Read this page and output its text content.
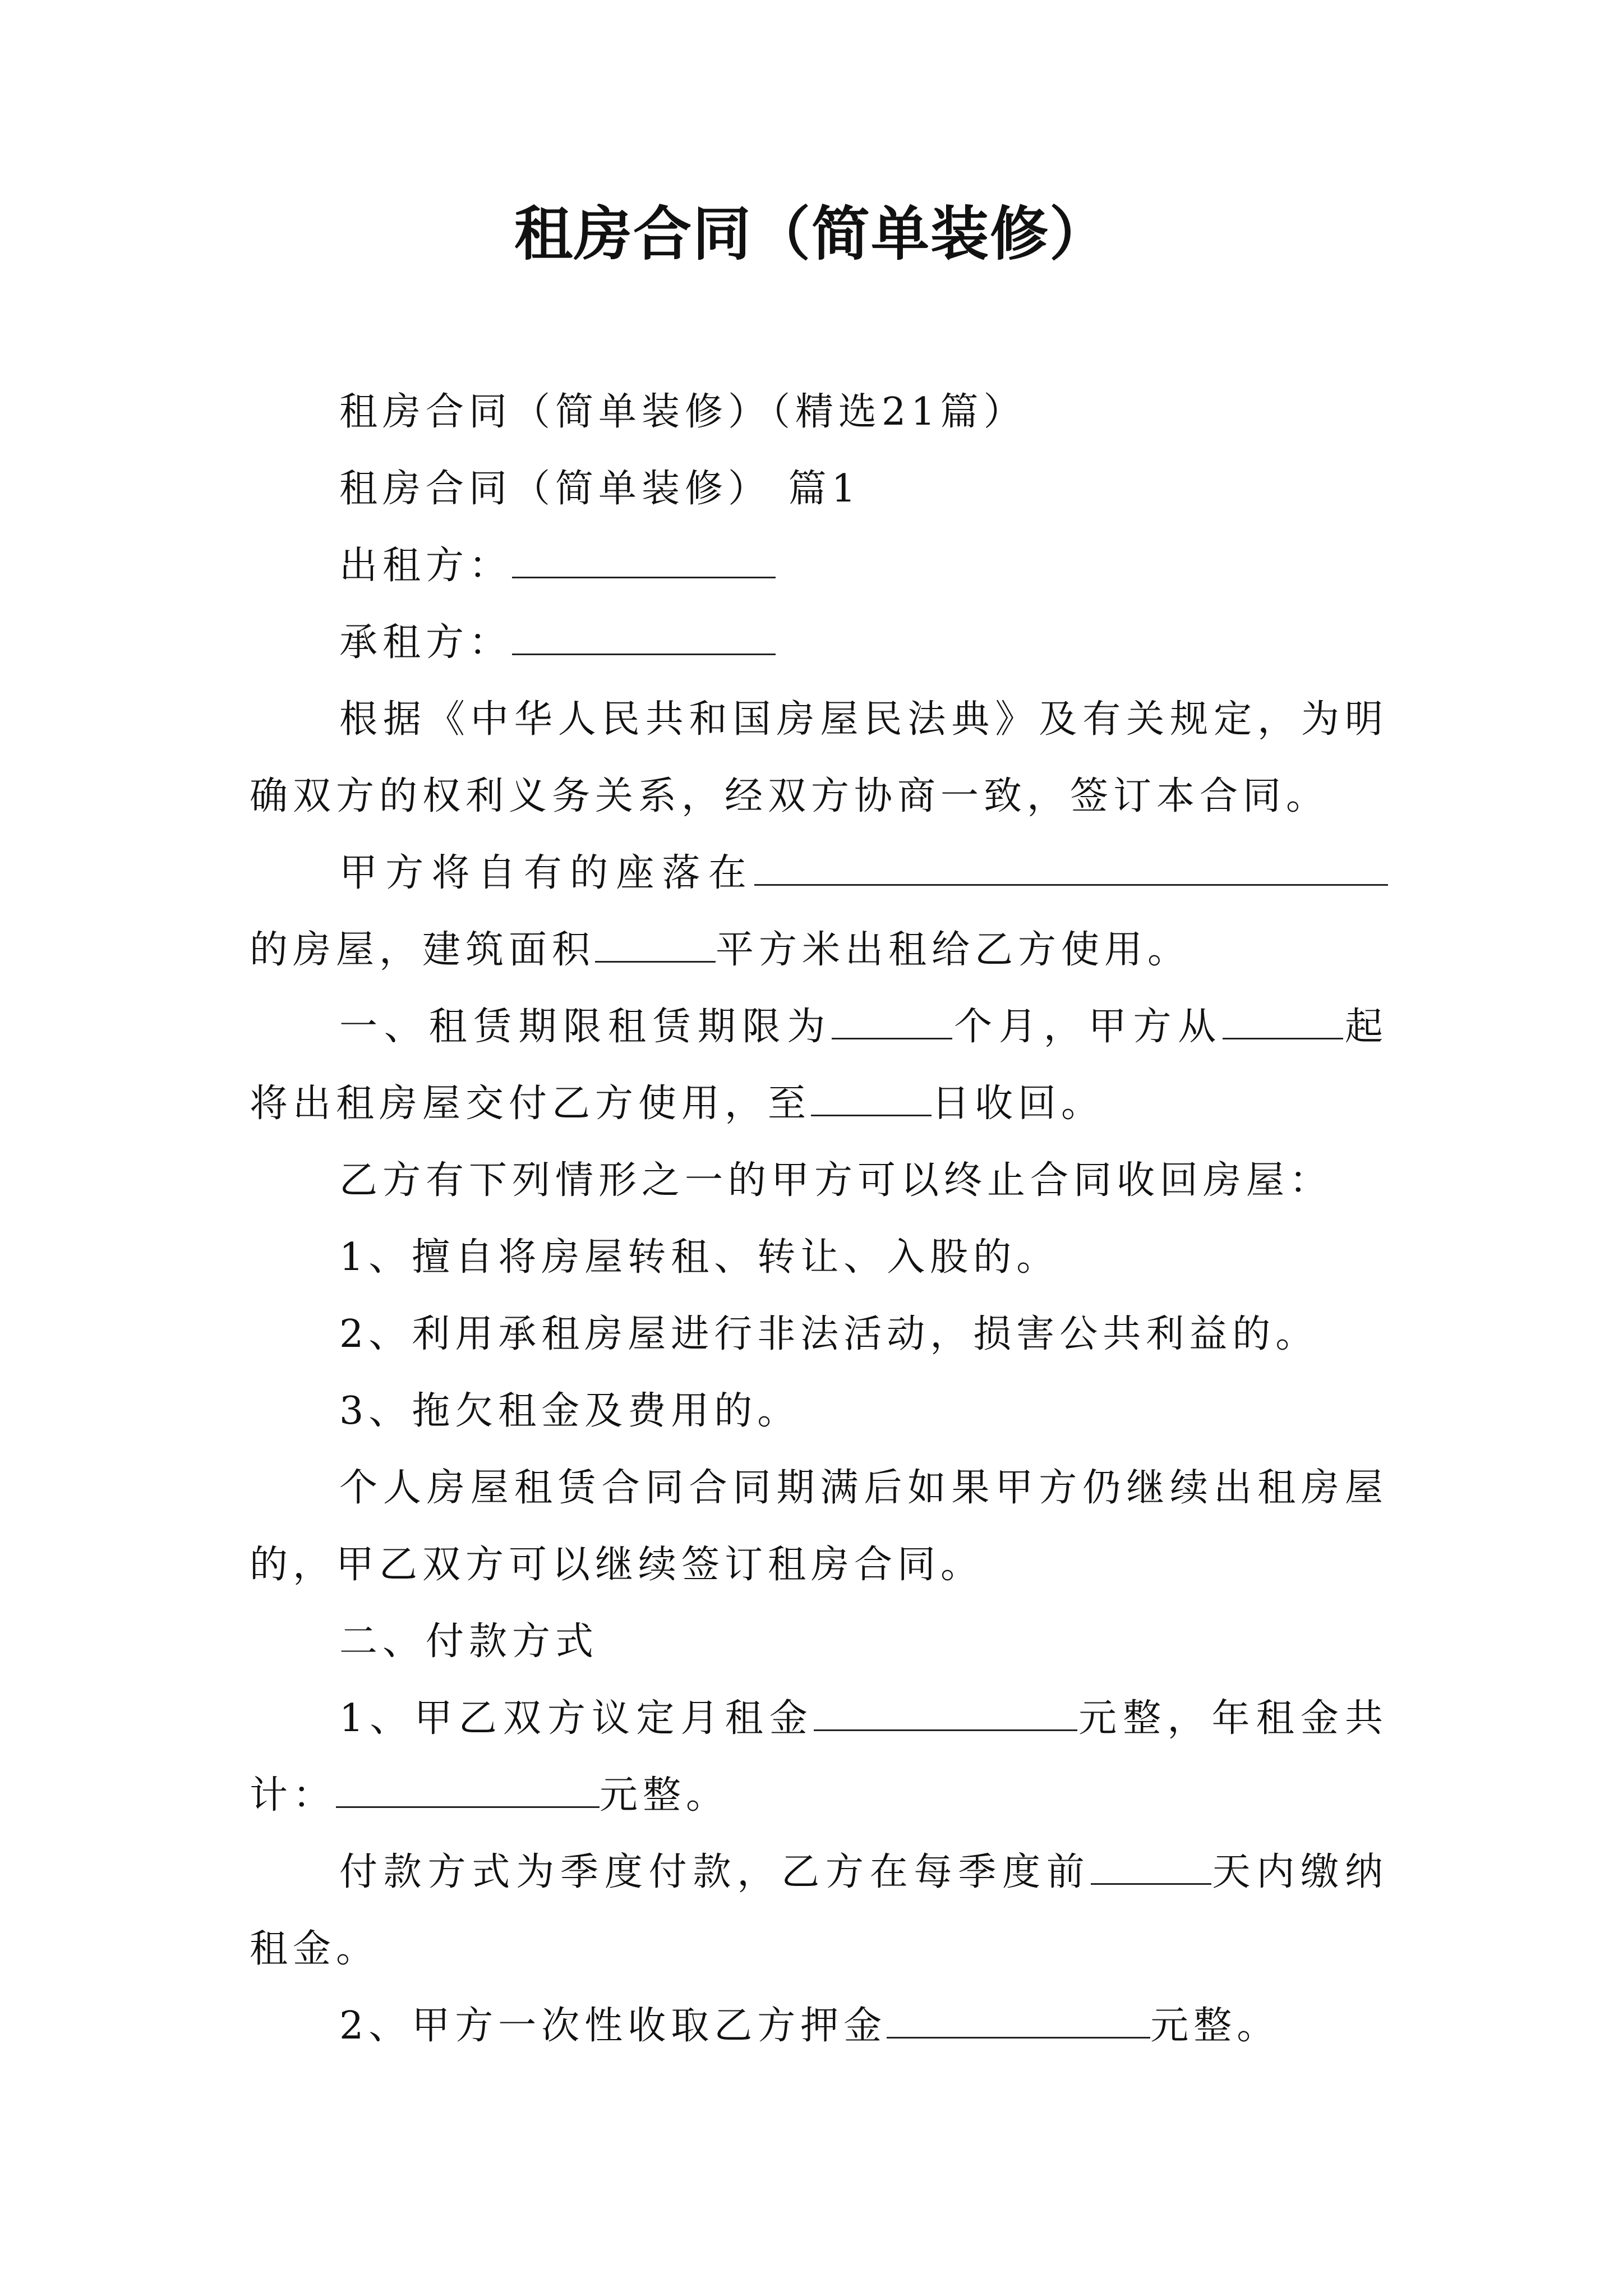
租房合同（简单装修）

租房合同（简单装修）（精选21篇）

租房合同（简单装修） 篇1

出租方：

承租方：

根据《中华人民共和国房屋民法典》及有关规定，为明确双方的权利义务关系，经双方协商一致，签订本合同。

甲方将自有的座落在的房屋，建筑面积	平方米出租给乙方使用。

一、租赁期限租赁期限为	个月，甲方从	起将出租房屋交付乙方使用，至	日收回。

乙方有下列情形之一的甲方可以终止合同收回房屋：

1、擅自将房屋转租、转让、入股的。

2、利用承租房屋进行非法活动，损害公共利益的。

3、拖欠租金及费用的。

个人房屋租赁合同合同期满后如果甲方仍继续出租房屋的，甲乙双方可以继续签订租房合同。

二、付款方式

1、甲乙双方议定月租金	元整，年租金共计：	元整。

付款方式为季度付款，乙方在每季度前	天内缴纳租金。

2、甲方一次性收取乙方押金	元整。
